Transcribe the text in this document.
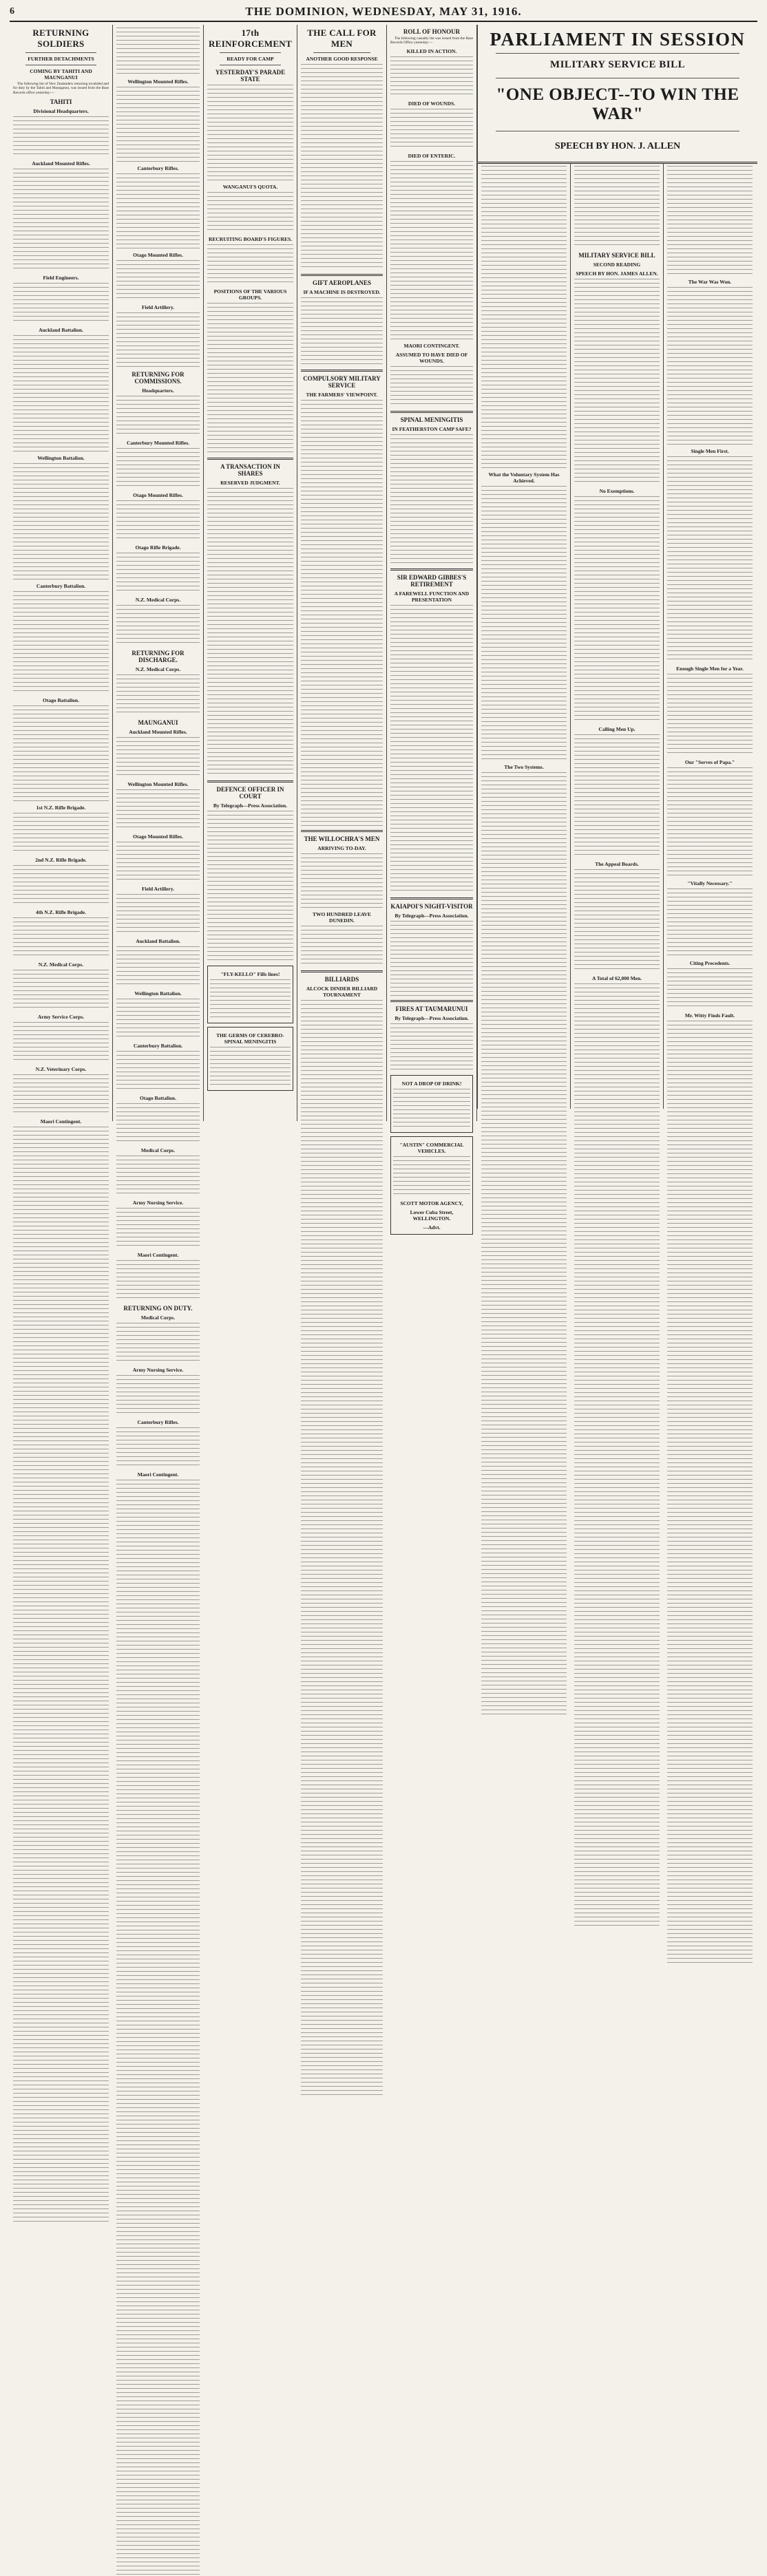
6	THE DOMINION, WEDNESDAY, MAY 31, 1916.
RETURNING SOLDIERS
FURTHER DETACHMENTS
COMING BY TAHITI AND MAUNGANUI

The following list of New Zealanders returning invalided and for duty by the Tahiti and Maunganui, was issued from the Base Records office yesterday:—

TAHITI
Divisional Headquarters.
Auckland Mounted Rifles.
Field Engineers.
Auckland Battalion.
Wellington Battalion.
Canterbury Battalion.
Otago Battalion.
1st N.Z. Rifle Brigade.
2nd N.Z. Rifle Brigade.
4th N.Z. Rifle Brigade.
N.Z. Medical Corps.
Army Service Corps.
N.Z. Veterinary Corps.
Maori Contingent.
Wellington Mounted Rifles.
Canterbury Rifles.
Otago Mounted Rifles.
Field Artillery.
RETURNING FOR COMMISSIONS.
Headquarters.
Canterbury Mounted Rifles.
Otago Mounted Rifles.
Otago Rifle Brigade.
N.Z. Medical Corps.
RETURNING FOR DISCHARGE.
N.Z. Medical Corps.
MAUNGANUI
Auckland Mounted Rifles.
Wellington Mounted Rifles.
Otago Mounted Rifles.
Field Artillery.
Auckland Battalion.
Wellington Battalion.
Canterbury Battalion.
Otago Battalion.
Medical Corps.
Army Nursing Service.
Maori Contingent.
RETURNING ON DUTY.
Medical Corps.
Army Nursing Service.
Canterbury Rifles.
Maori Contingent.
17th REINFORCEMENT
READY FOR CAMP
YESTERDAY'S PARADE STATE
WANGANUI'S QUOTA.
RECRUITING BOARD'S FIGURES.
POSITIONS OF THE VARIOUS GROUPS.
A TRANSACTION IN SHARES
RESERVED JUDGMENT.
DEFENCE OFFICER IN COURT
By Telegraph—Press Association.
"FLY-KELLO" Fills lines!
THE GERMS OF CEREBRO-SPINAL MENINGITIS
THE CALL FOR MEN
ANOTHER GOOD RESPONSE
GIFT AEROPLANES
IF A MACHINE IS DESTROYED.
COMPULSORY MILITARY SERVICE
THE FARMERS' VIEWPOINT.
THE WILLOCHRA'S MEN
ARRIVING TO-DAY.
TWO HUNDRED LEAVE DUNEDIN.
BILLIARDS
ALCOCK DINDER BILLIARD TOURNAMENT
ROLL OF HONOUR

The following casualty list was issued from the Base Records Office yesterday:—

KILLED IN ACTION.
DIED OF WOUNDS.
DIED OF ENTERIC.
MAORI CONTINGENT.
ASSUMED TO HAVE DIED OF WOUNDS.
SPINAL MENINGITIS
IN FEATHERSTON CAMP SAFE?
SIR EDWARD GIBBES'S RETIREMENT
A FAREWELL FUNCTION AND PRESENTATION
KAIAPOI'S NIGHT-VISITOR
By Telegraph—Press Association.
FIRES AT TAUMARUNUI
By Telegraph—Press Association.
NOT A DROP OF DRINK!
"AUSTIN" COMMERCIAL VEHICLES.
SCOTT MOTOR AGENCY,
Lower Cuba Street, WELLINGTON.
—Advt.

PARLIAMENT IN SESSION

MILITARY SERVICE BILL

"ONE OBJECT--TO WIN THE WAR"

SPEECH BY HON. J. ALLEN

What the Voluntary System Has Achieved.
The Two Systems.
MILITARY SERVICE BILL
SECOND READING
SPEECH BY HON. JAMES ALLEN.
No Exemptions.
Calling Men Up.
The Appeal Boards.
A Total of 62,000 Men.
The War Was Won.
Single Men First.
Enough Single Men for a Year.
Our "Serves of Papa."
"Vitally Necessary."
Citing Precedents.
Mr. Witty Finds Fault.
